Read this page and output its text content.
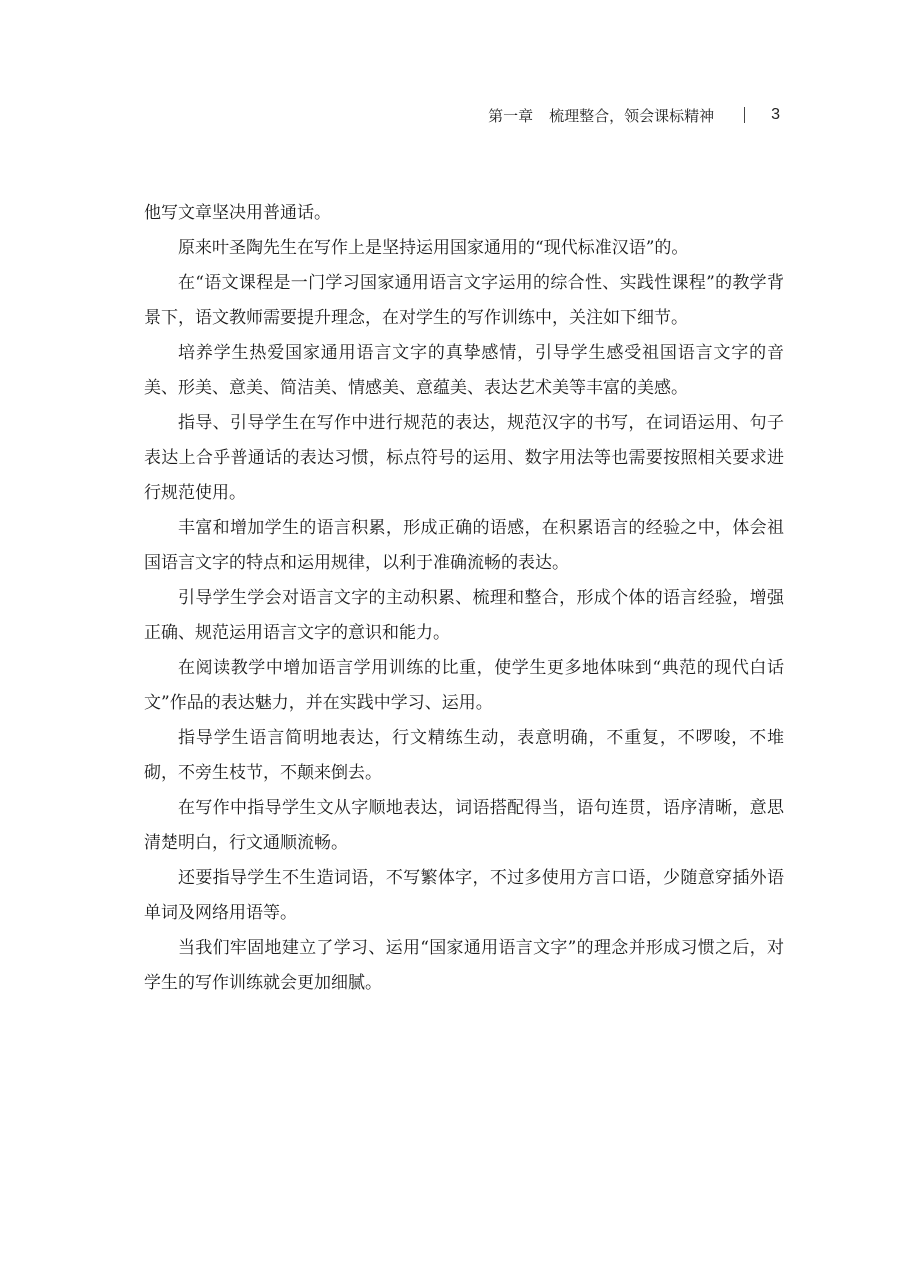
第一章 梳理整合，领会课标精神	3

他写文章坚决用普通话。

原来叶圣陶先生在写作上是坚持运用国家通用的“现代标准汉语”的。

在“语文课程是一门学习国家通用语言文字运用的综合性、实践性课程”的教学背景下，语文教师需要提升理念，在对学生的写作训练中，关注如下细节。

培养学生热爱国家通用语言文字的真挚感情，引导学生感受祖国语言文字的音美、形美、意美、简洁美、情感美、意蕴美、表达艺术美等丰富的美感。

指导、引导学生在写作中进行规范的表达，规范汉字的书写，在词语运用、句子表达上合乎普通话的表达习惯，标点符号的运用、数字用法等也需要按照相关要求进行规范使用。

丰富和增加学生的语言积累，形成正确的语感，在积累语言的经验之中，体会祖国语言文字的特点和运用规律，以利于准确流畅的表达。

引导学生学会对语言文字的主动积累、梳理和整合，形成个体的语言经验，增强正确、规范运用语言文字的意识和能力。

在阅读教学中增加语言学用训练的比重，使学生更多地体味到“典范的现代白话文”作品的表达魅力，并在实践中学习、运用。

指导学生语言简明地表达，行文精练生动，表意明确，不重复，不啰唆，不堆砌，不旁生枝节，不颠来倒去。

在写作中指导学生文从字顺地表达，词语搭配得当，语句连贯，语序清晰，意思清楚明白，行文通顺流畅。

还要指导学生不生造词语，不写繁体字，不过多使用方言口语，少随意穿插外语单词及网络用语等。

当我们牢固地建立了学习、运用“国家通用语言文字”的理念并形成习惯之后，对学生的写作训练就会更加细腻。
